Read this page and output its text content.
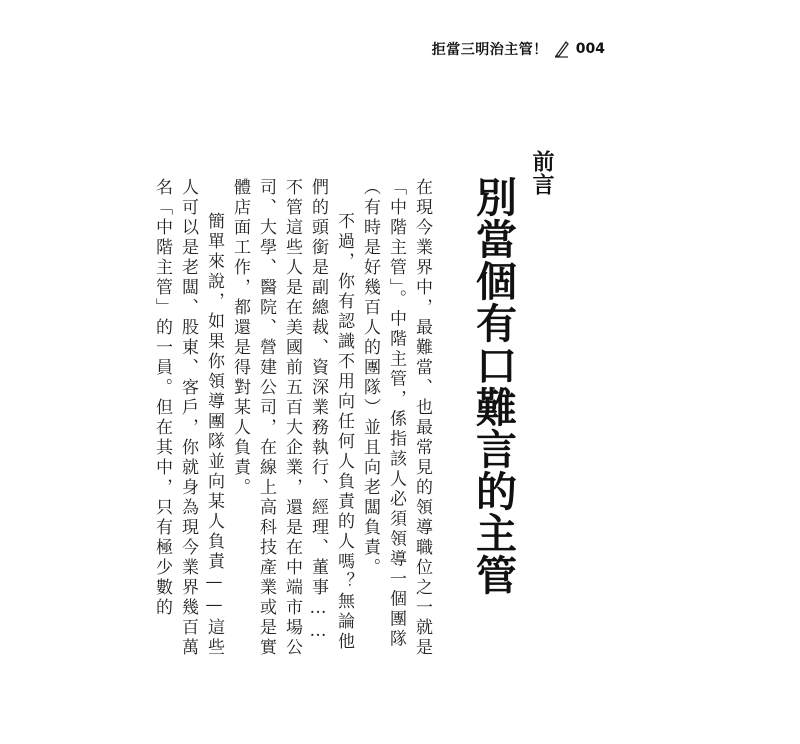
拒當三明治主管！ 004
前言
別當個有口難言的主管

在現今業界中，最難當、也最常見的領導職位之一就是「中階主管」。中階主管，係指該人必須領導一個團隊（有時是好幾百人的團隊）並且向老闆負責。

不過，你有認識不用向任何人負責的人嗎？無論他們的頭銜是副總裁、資深業務執行、經理、董事……不管這些人是在美國前五百大企業，還是在中端市場公司、大學、醫院、營建公司，在線上高科技產業或是實體店面工作，都還是得對某人負責。

簡單來說，如果你領導團隊並向某人負責——這些人可以是老闆、股東、客戶，你就身為現今業界幾百萬名「中階主管」的一員。但在其中，只有極少數的
